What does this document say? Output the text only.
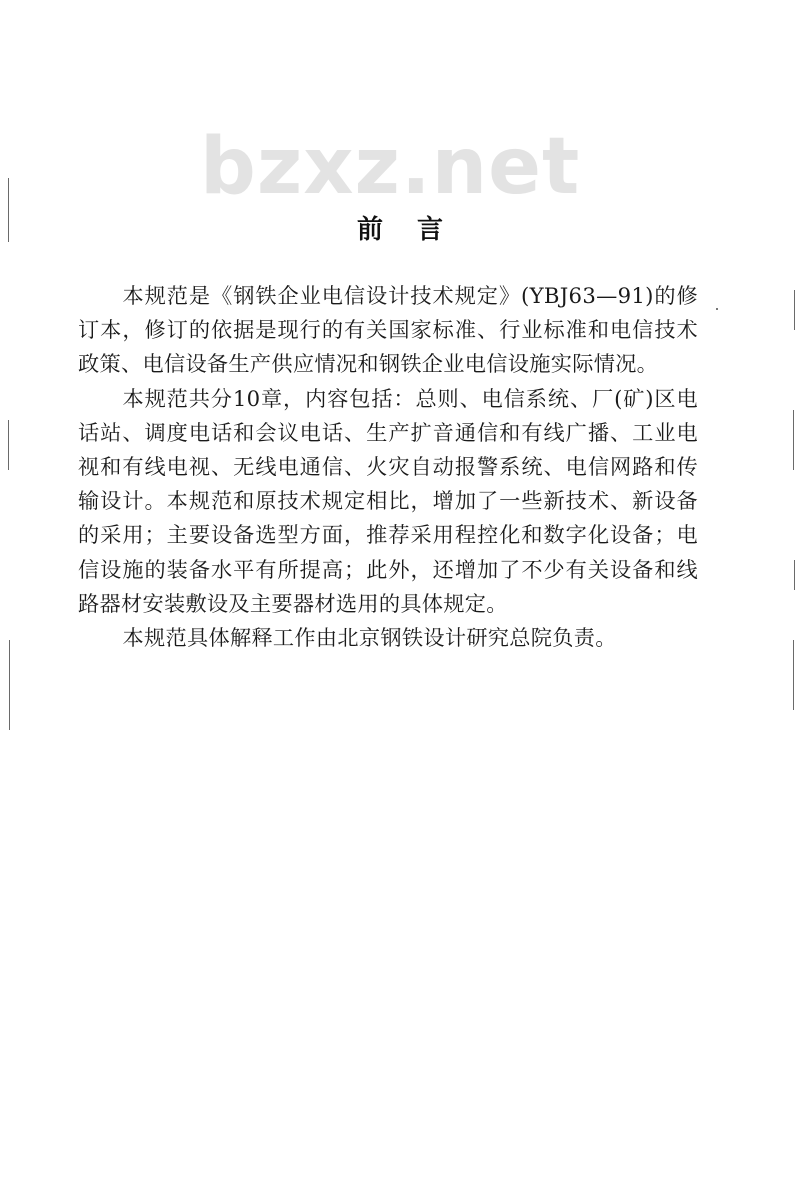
bzxz.net
前言

本规范是《钢铁企业电信设计技术规定》(YBJ63—91)的修订本，修订的依据是现行的有关国家标准、行业标准和电信技术政策、电信设备生产供应情况和钢铁企业电信设施实际情况。

本规范共分10章，内容包括：总则、电信系统、厂(矿)区电话站、调度电话和会议电话、生产扩音通信和有线广播、工业电视和有线电视、无线电通信、火灾自动报警系统、电信网路和传输设计。本规范和原技术规定相比，增加了一些新技术、新设备的采用；主要设备选型方面，推荐采用程控化和数字化设备；电信设施的装备水平有所提高；此外，还增加了不少有关设备和线路器材安装敷设及主要器材选用的具体规定。

本规范具体解释工作由北京钢铁设计研究总院负责。
